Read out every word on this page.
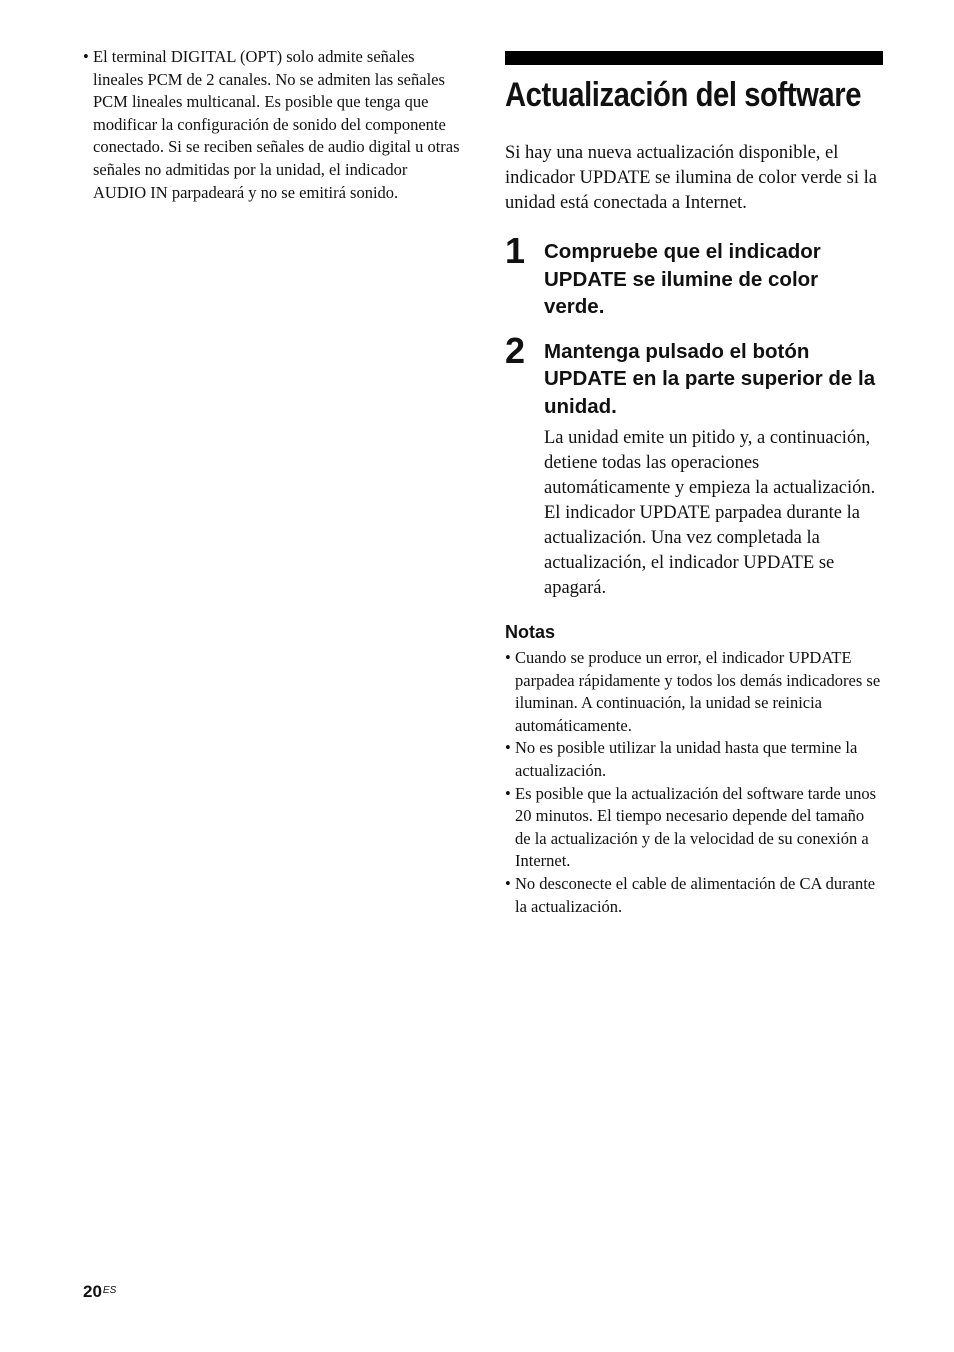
• El terminal DIGITAL (OPT) solo admite señales lineales PCM de 2 canales. No se admiten las señales PCM lineales multicanal. Es posible que tenga que modificar la configuración de sonido del componente conectado. Si se reciben señales de audio digital u otras señales no admitidas por la unidad, el indicador AUDIO IN parpadeará y no se emitirá sonido.
Actualización del software
Si hay una nueva actualización disponible, el indicador UPDATE se ilumina de color verde si la unidad está conectada a Internet.
1 Compruebe que el indicador UPDATE se ilumine de color verde.
2 Mantenga pulsado el botón UPDATE en la parte superior de la unidad.
La unidad emite un pitido y, a continuación, detiene todas las operaciones automáticamente y empieza la actualización.
El indicador UPDATE parpadea durante la actualización. Una vez completada la actualización, el indicador UPDATE se apagará.
Notas
• Cuando se produce un error, el indicador UPDATE parpadea rápidamente y todos los demás indicadores se iluminan. A continuación, la unidad se reinicia automáticamente.
• No es posible utilizar la unidad hasta que termine la actualización.
• Es posible que la actualización del software tarde unos 20 minutos. El tiempo necesario depende del tamaño de la actualización y de la velocidad de su conexión a Internet.
• No desconecte el cable de alimentación de CA durante la actualización.
$20^{ES}$
